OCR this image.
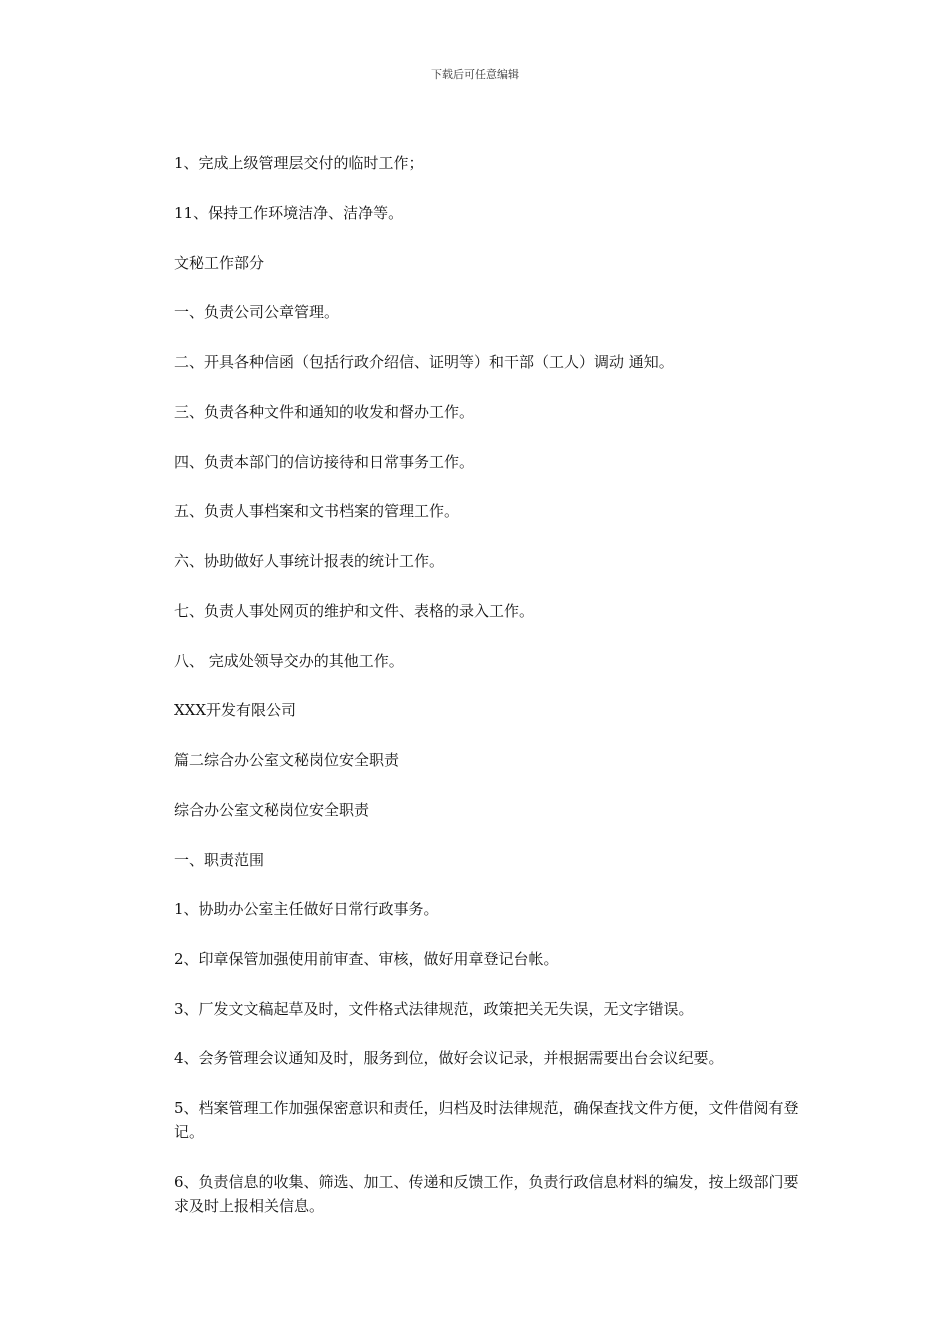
下载后可任意编辑
1、完成上级管理层交付的临时工作；
11、保持工作环境洁净、洁净等。
文秘工作部分
一、负责公司公章管理。
二、开具各种信函（包括行政介绍信、证明等）和干部（工人）调动 通知。
三、负责各种文件和通知的收发和督办工作。
四、负责本部门的信访接待和日常事务工作。
五、负责人事档案和文书档案的管理工作。
六、协助做好人事统计报表的统计工作。
七、负责人事处网页的维护和文件、表格的录入工作。
八、 完成处领导交办的其他工作。
XXX开发有限公司
篇二综合办公室文秘岗位安全职责
综合办公室文秘岗位安全职责
一、职责范围
1、协助办公室主任做好日常行政事务。
2、印章保管加强使用前审查、审核，做好用章登记台帐。
3、厂发文文稿起草及时，文件格式法律规范，政策把关无失误，无文字错误。
4、会务管理会议通知及时，服务到位，做好会议记录，并根据需要出台会议纪要。
5、档案管理工作加强保密意识和责任，归档及时法律规范，确保查找文件方便，文件借阅有登记。
6、负责信息的收集、筛选、加工、传递和反馈工作，负责行政信息材料的编发，按上级部门要求及时上报相关信息。
